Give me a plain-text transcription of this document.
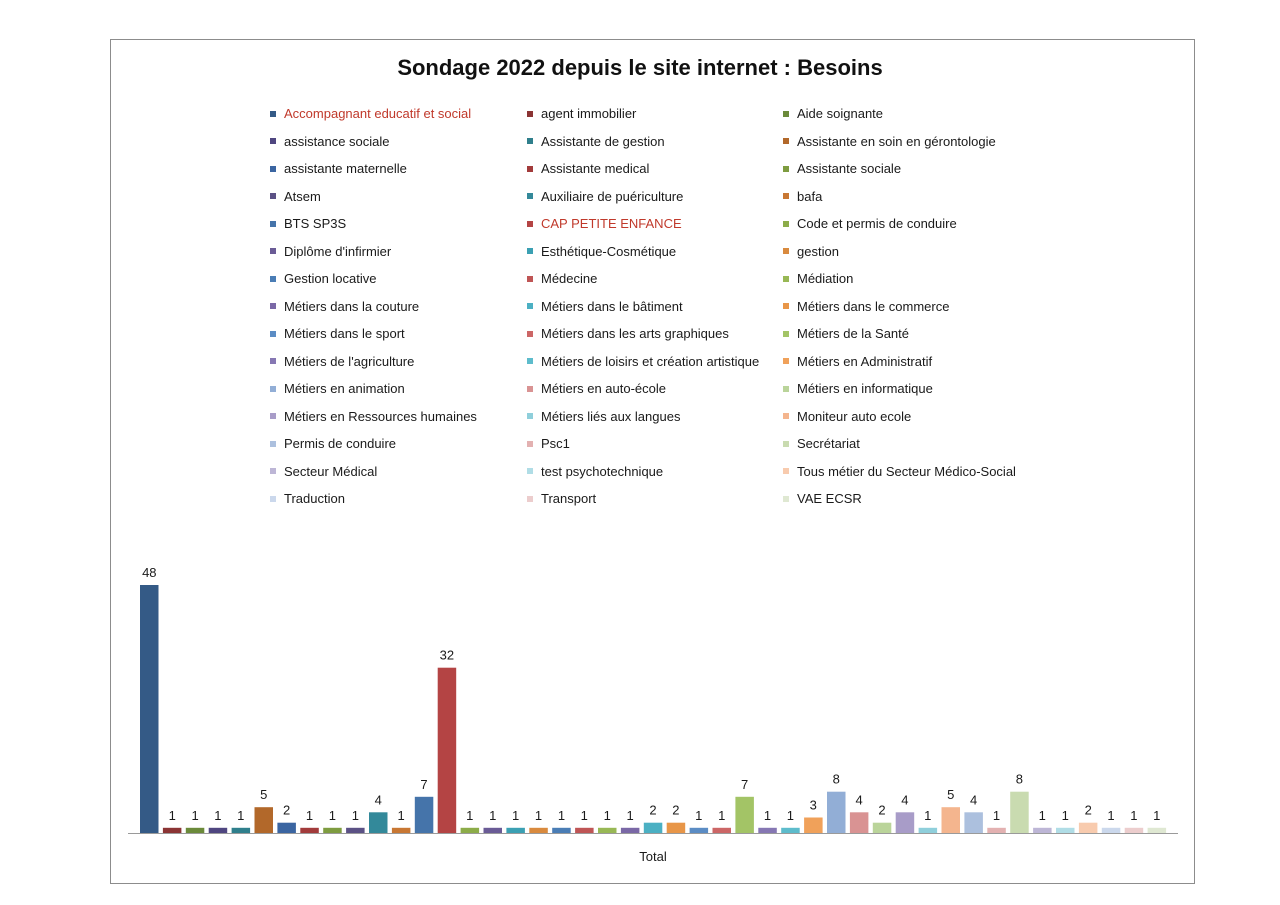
Sondage 2022 depuis le site internet : Besoins
Accompagnant educatif et social	agent immobilier	Aide soignante
assistance sociale	Assistante de gestion	Assistante en soin en gérontologie
assistante maternelle	Assistante medical	Assistante sociale
Atsem	Auxiliaire de puériculture	bafa
BTS SP3S	CAP PETITE ENFANCE	Code et permis de conduire
Diplôme d'infirmier	Esthétique-Cosmétique	gestion
Gestion locative	Médecine	Médiation
Métiers dans la couture	Métiers dans le bâtiment	Métiers dans le commerce
Métiers dans le sport	Métiers dans les arts graphiques	Métiers de la Santé
Métiers de l'agriculture	Métiers de loisirs et création artistique	Métiers en Administratif
Métiers en animation	Métiers en auto-école	Métiers en informatique
Métiers en Ressources humaines	Métiers liés aux langues	Moniteur auto ecole
Permis de conduire	Psc1	Secrétariat
Secteur Médical	test psychotechnique	Tous métier du Secteur Médico-Social
Traduction	Transport	VAE ECSR
48
1 1 1 1
5
2 1 1 1
4
1
7
32
1 1 1 1 1 1 1 1 2 2 1 1
7
1 1
3
8
4
2
4
1
5 4
1
8
1 1 2 1 1 1
Total
